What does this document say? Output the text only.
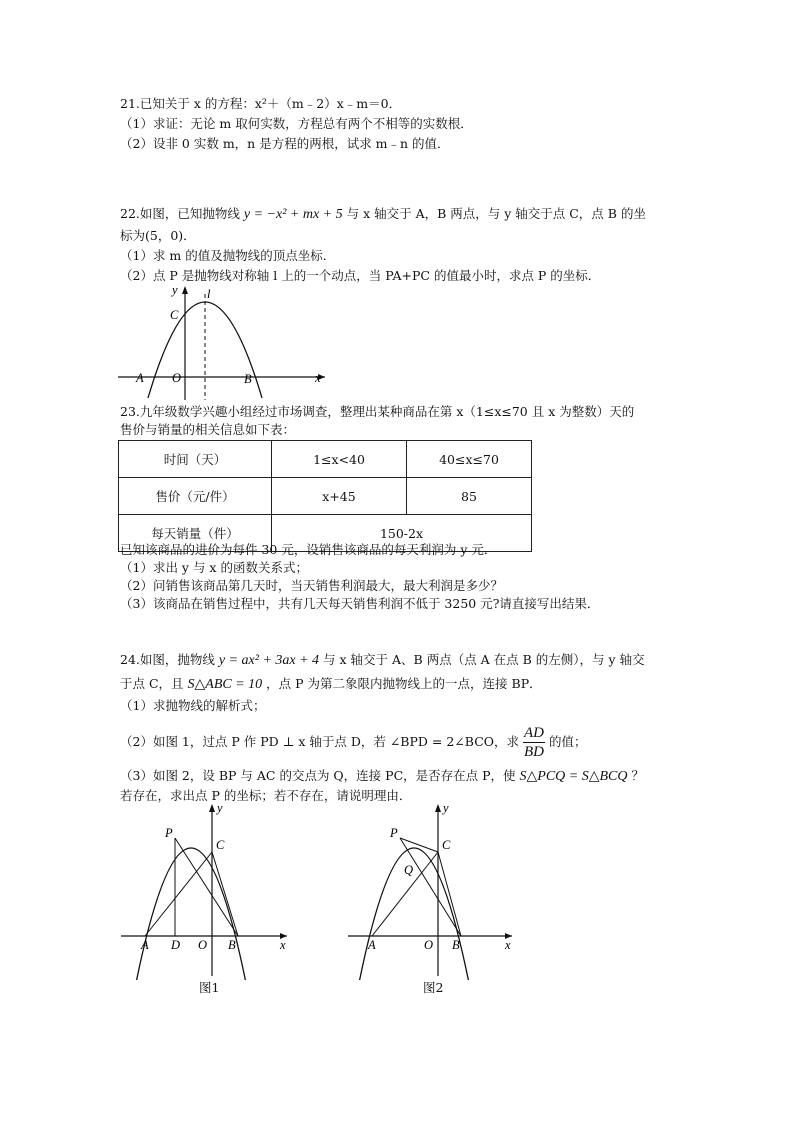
21.已知关于 x 的方程：x²＋（m﹣2）x﹣m＝0．
（1）求证：无论 m 取何实数，方程总有两个不相等的实数根．
（2）设非 0 实数 m，n 是方程的两根，试求 m﹣n 的值．
22.如图，已知抛物线 y = −x² + mx + 5 与 x 轴交于 A，B 两点，与 y 轴交于点 C，点 B 的坐
标为(5，0)．
（1）求 m 的值及抛物线的顶点坐标．
（2）点 P 是抛物线对称轴 l 上的一个动点，当 PA+PC 的值最小时，求点 P 的坐标．
y l
C
A O	B	x
23.九年级数学兴趣小组经过市场调查，整理出某种商品在第 x（1≤x≤70 且 x 为整数）天的
售价与销量的相关信息如下表：
时间（天）	1≤x<40	40≤x≤70
售价（元/件）	x+45	85
每天销量（件）	150-2x	
已知该商品的进价为每件 30 元，设销售该商品的每天利润为 y 元．
（1）求出 y 与 x 的函数关系式；
（2）问销售该商品第几天时，当天销售利润最大，最大利润是多少？
（3）该商品在销售过程中，共有几天每天销售利润不低于 3250 元?请直接写出结果．
24.如图，抛物线 y = ax² + 3ax + 4 与 x 轴交于 A、B 两点（点 A 在点 B 的左侧），与 y 轴交
于点 C，且 S△ABC = 10 ，点 P 为第二象限内抛物线上的一点，连接 BP．
（1）求抛物线的解析式；
（2）如图 1，过点 P 作 PD ⊥ x 轴于点 D，若 ∠BPD = 2∠BCO，求 $\frac{AD}{BD}$ 的值；
（3）如图 2，设 BP 与 AC 的交点为 Q，连接 PC，是否存在点 P，使 S△PCQ = S△BCQ ？
若存在，求出点 P 的坐标；若不存在，请说明理由．
P
C
y
A D O B	x
图1
P
C
Q
y
A	O B	x
图2
